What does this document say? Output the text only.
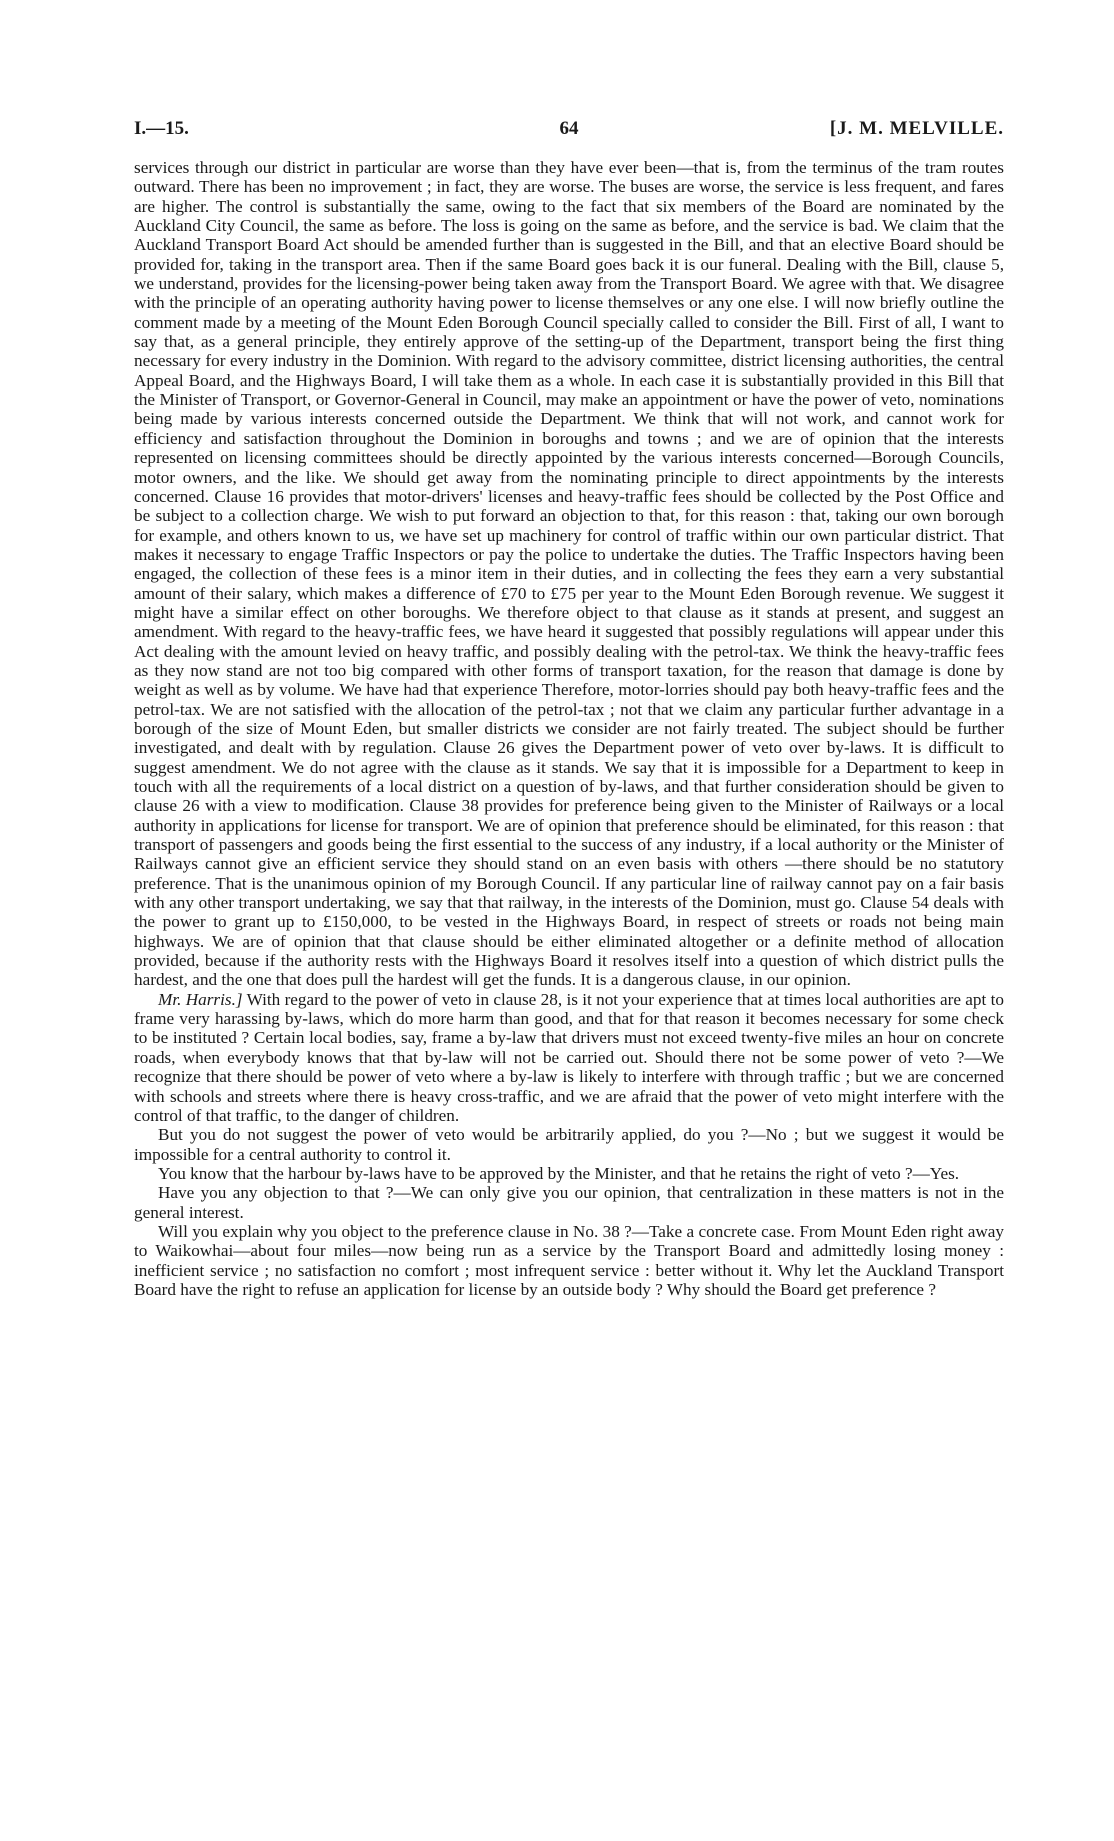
I.—15.	64	[J. M. MELVILLE.

services through our district in particular are worse than they have ever been—that is, from the terminus of the tram routes outward. There has been no improvement ; in fact, they are worse. The buses are worse, the service is less frequent, and fares are higher. The control is substantially the same, owing to the fact that six members of the Board are nominated by the Auckland City Council, the same as before. The loss is going on the same as before, and the service is bad. We claim that the Auckland Transport Board Act should be amended further than is suggested in the Bill, and that an elective Board should be provided for, taking in the transport area. Then if the same Board goes back it is our funeral. Dealing with the Bill, clause 5, we understand, provides for the licensing-power being taken away from the Transport Board. We agree with that. We disagree with the principle of an operating authority having power to license themselves or any one else. I will now briefly outline the comment made by a meeting of the Mount Eden Borough Council specially called to consider the Bill. First of all, I want to say that, as a general principle, they entirely approve of the setting-up of the Department, transport being the first thing necessary for every industry in the Dominion. With regard to the advisory committee, district licensing authorities, the central Appeal Board, and the Highways Board, I will take them as a whole. In each case it is substantially provided in this Bill that the Minister of Transport, or Governor-General in Council, may make an appointment or have the power of veto, nominations being made by various interests concerned outside the Department. We think that will not work, and cannot work for efficiency and satisfaction throughout the Dominion in boroughs and towns ; and we are of opinion that the interests represented on licensing committees should be directly appointed by the various interests concerned—Borough Councils, motor owners, and the like. We should get away from the nominating principle to direct appointments by the interests concerned. Clause 16 provides that motor-drivers' licenses and heavy-traffic fees should be collected by the Post Office and be subject to a collection charge. We wish to put forward an objection to that, for this reason : that, taking our own borough for example, and others known to us, we have set up machinery for control of traffic within our own particular district. That makes it necessary to engage Traffic Inspectors or pay the police to undertake the duties. The Traffic Inspectors having been engaged, the collection of these fees is a minor item in their duties, and in collecting the fees they earn a very substantial amount of their salary, which makes a difference of £70 to £75 per year to the Mount Eden Borough revenue. We suggest it might have a similar effect on other boroughs. We therefore object to that clause as it stands at present, and suggest an amendment. With regard to the heavy-traffic fees, we have heard it suggested that possibly regulations will appear under this Act dealing with the amount levied on heavy traffic, and possibly dealing with the petrol-tax. We think the heavy-traffic fees as they now stand are not too big compared with other forms of transport taxation, for the reason that damage is done by weight as well as by volume. We have had that experience Therefore, motor-lorries should pay both heavy-traffic fees and the petrol-tax. We are not satisfied with the allocation of the petrol-tax ; not that we claim any particular further advantage in a borough of the size of Mount Eden, but smaller districts we consider are not fairly treated. The subject should be further investigated, and dealt with by regulation. Clause 26 gives the Department power of veto over by-laws. It is difficult to suggest amendment. We do not agree with the clause as it stands. We say that it is impossible for a Department to keep in touch with all the requirements of a local district on a question of by-laws, and that further consideration should be given to clause 26 with a view to modification. Clause 38 provides for preference being given to the Minister of Railways or a local authority in applications for license for transport. We are of opinion that preference should be eliminated, for this reason : that transport of passengers and goods being the first essential to the success of any industry, if a local authority or the Minister of Railways cannot give an efficient service they should stand on an even basis with others —there should be no statutory preference. That is the unanimous opinion of my Borough Council. If any particular line of railway cannot pay on a fair basis with any other transport undertaking, we say that that railway, in the interests of the Dominion, must go. Clause 54 deals with the power to grant up to £150,000, to be vested in the Highways Board, in respect of streets or roads not being main highways. We are of opinion that that clause should be either eliminated altogether or a definite method of allocation provided, because if the authority rests with the Highways Board it resolves itself into a question of which district pulls the hardest, and the one that does pull the hardest will get the funds. It is a dangerous clause, in our opinion.

Mr. Harris.] With regard to the power of veto in clause 28, is it not your experience that at times local authorities are apt to frame very harassing by-laws, which do more harm than good, and that for that reason it becomes necessary for some check to be instituted ? Certain local bodies, say, frame a by-law that drivers must not exceed twenty-five miles an hour on concrete roads, when everybody knows that that by-law will not be carried out. Should there not be some power of veto ?—We recognize that there should be power of veto where a by-law is likely to interfere with through traffic ; but we are concerned with schools and streets where there is heavy cross-traffic, and we are afraid that the power of veto might interfere with the control of that traffic, to the danger of children.

But you do not suggest the power of veto would be arbitrarily applied, do you ?—No ; but we suggest it would be impossible for a central authority to control it.

You know that the harbour by-laws have to be approved by the Minister, and that he retains the right of veto ?—Yes.

Have you any objection to that ?—We can only give you our opinion, that centralization in these matters is not in the general interest.

Will you explain why you object to the preference clause in No. 38 ?—Take a concrete case. From Mount Eden right away to Waikowhai—about four miles—now being run as a service by the Transport Board and admittedly losing money : inefficient service ; no satisfaction no comfort ; most infrequent service : better without it. Why let the Auckland Transport Board have the right to refuse an application for license by an outside body ? Why should the Board get preference ?
